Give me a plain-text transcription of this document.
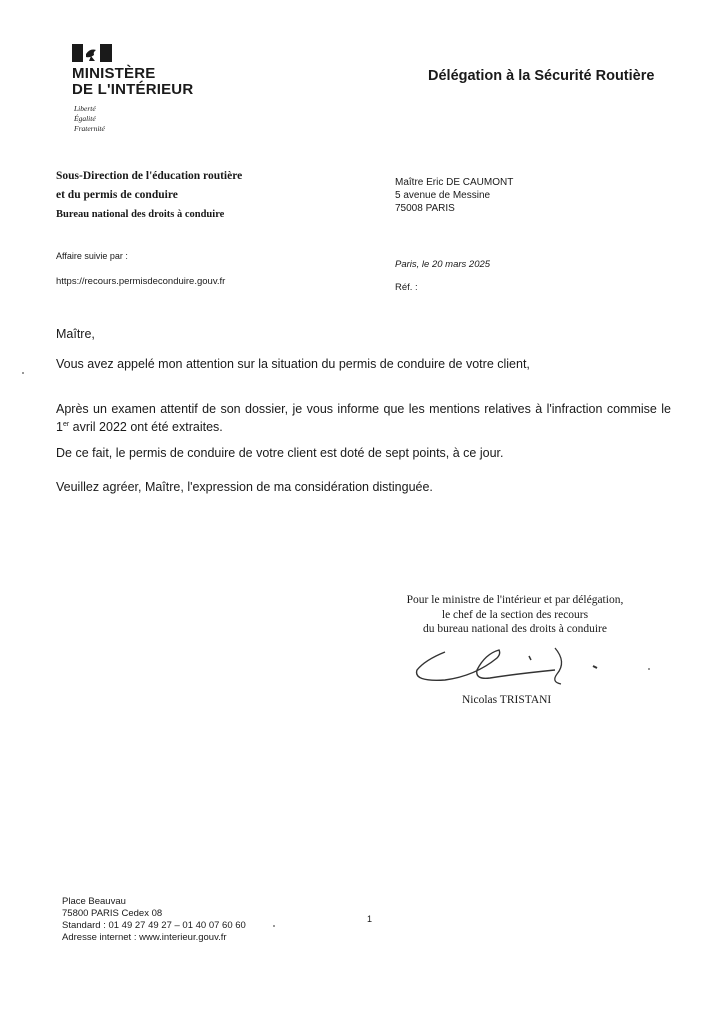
MINISTÈRE
DE L'INTÉRIEUR
Liberté
Égalité
Fraternité
Délégation à la Sécurité Routière
Sous-Direction de l'éducation routière
et du permis de conduire
Bureau national des droits à conduire
Maître Eric DE CAUMONT
5 avenue de Messine
75008 PARIS
Affaire suivie par :
https://recours.permisdeconduire.gouv.fr
Paris, le 20 mars 2025
Réf. :
Maître,
Vous avez appelé mon attention sur la situation du permis de conduire de votre client,
Après un examen attentif de son dossier, je vous informe que les mentions relatives à l'infraction commise le 1er avril 2022 ont été extraites.
De ce fait, le permis de conduire de votre client est doté de sept points, à ce jour.
Veuillez agréer, Maître, l'expression de ma considération distinguée.
Pour le ministre de l'intérieur et par délégation,
le chef de la section des recours
du bureau national des droits à conduire
Nicolas TRISTANI
Place Beauvau
75800 PARIS Cedex 08
Standard : 01 49 27 49 27 – 01 40 07 60 60
Adresse internet : www.interieur.gouv.fr
1
